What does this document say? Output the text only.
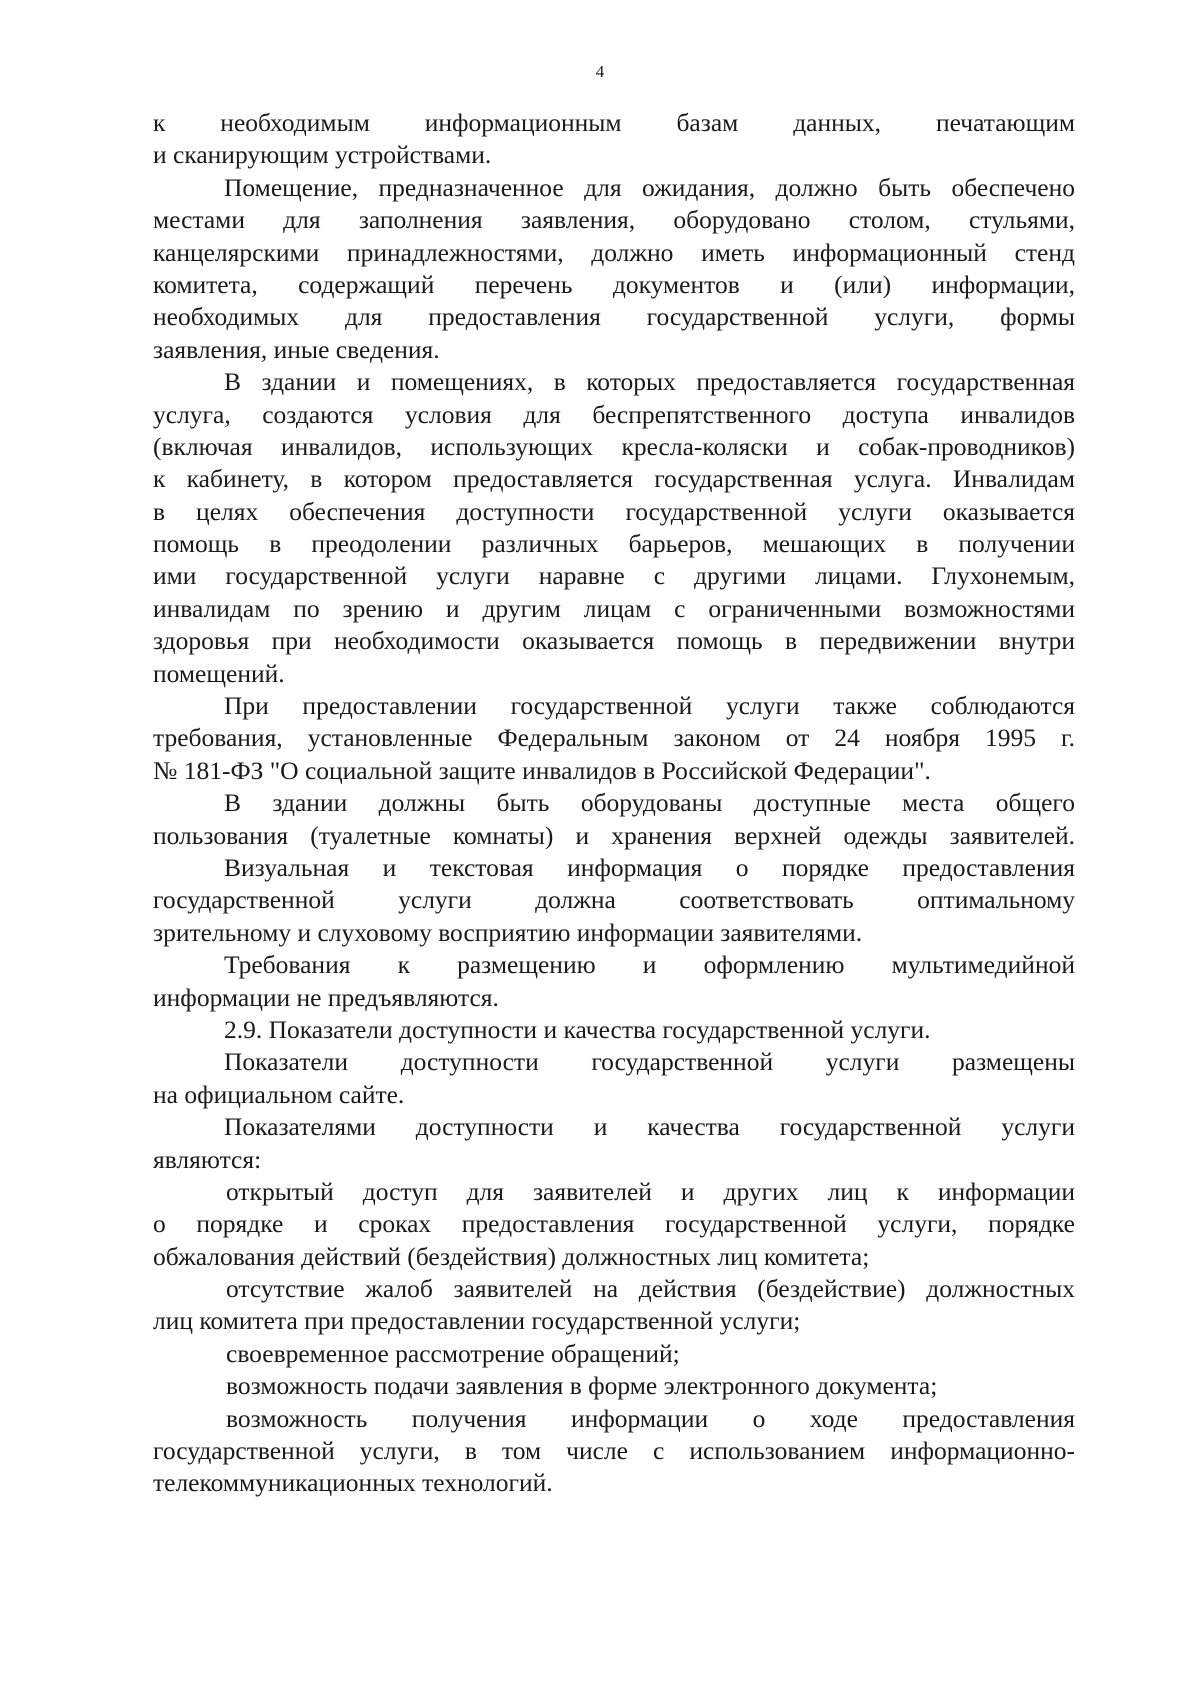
4
к необходимым информационным базам данных, печатающим
и сканирующим устройствами.
Помещение, предназначенное для ожидания, должно быть обеспечено
местами для заполнения заявления, оборудовано столом, стульями,
канцелярскими принадлежностями, должно иметь информационный стенд
комитета, содержащий перечень документов и (или) информации,
необходимых для предоставления государственной услуги, формы
заявления, иные сведения.
В здании и помещениях, в которых предоставляется государственная
услуга, создаются условия для беспрепятственного доступа инвалидов
(включая инвалидов, использующих кресла-коляски и собак-проводников)
к кабинету, в котором предоставляется государственная услуга. Инвалидам
в целях обеспечения доступности государственной услуги оказывается
помощь в преодолении различных барьеров, мешающих в получении
ими государственной услуги наравне с другими лицами. Глухонемым,
инвалидам по зрению и другим лицам с ограниченными возможностями
здоровья при необходимости оказывается помощь в передвижении внутри
помещений.
При предоставлении государственной услуги также соблюдаются
требования, установленные Федеральным законом от 24 ноября 1995 г.
№ 181-ФЗ "О социальной защите инвалидов в Российской Федерации".
В здании должны быть оборудованы доступные места общего
пользования (туалетные комнаты) и хранения верхней одежды заявителей.
Визуальная и текстовая информация о порядке предоставления
государственной услуги должна соответствовать оптимальному
зрительному и слуховому восприятию информации заявителями.
Требования к размещению и оформлению мультимедийной
информации не предъявляются.
2.9. Показатели доступности и качества государственной услуги.
Показатели доступности государственной услуги размещены
на официальном сайте.
Показателями доступности и качества государственной услуги
являются:
открытый доступ для заявителей и других лиц к информации
о порядке и сроках предоставления государственной услуги, порядке
обжалования действий (бездействия) должностных лиц комитета;
отсутствие жалоб заявителей на действия (бездействие) должностных
лиц комитета при предоставлении государственной услуги;
своевременное рассмотрение обращений;
возможность подачи заявления в форме электронного документа;
возможность получения информации о ходе предоставления
государственной услуги, в том числе с использованием информационно-
телекоммуникационных технологий.
